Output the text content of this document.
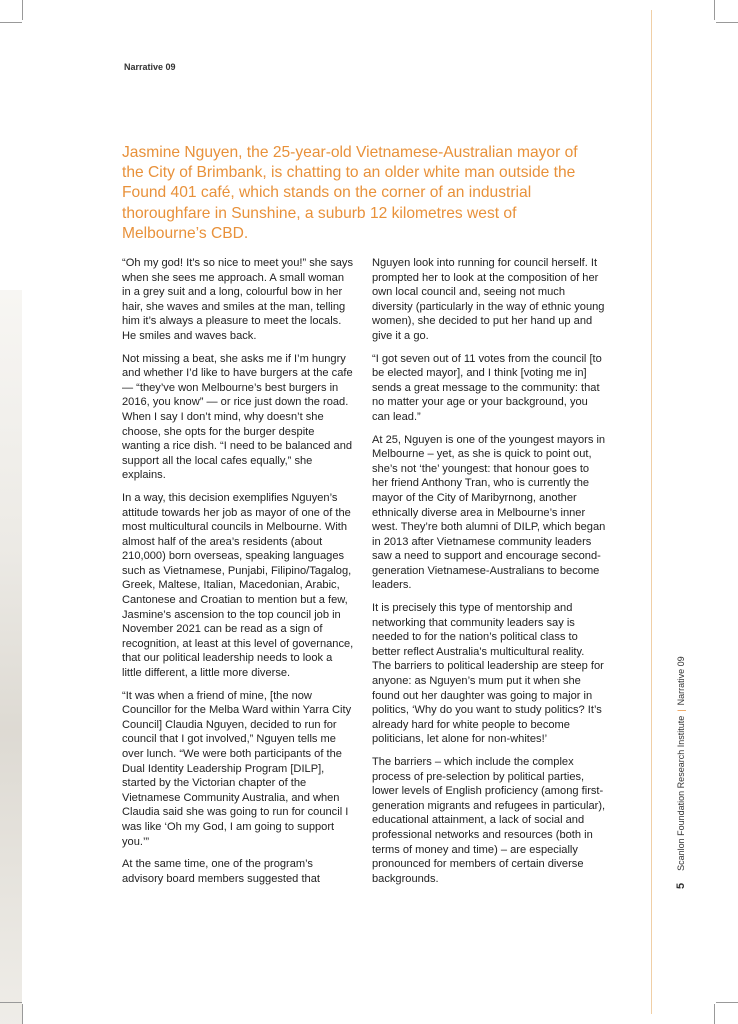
Narrative 09

Jasmine Nguyen, the 25-year-old Vietnamese-Australian mayor of the City of Brimbank, is chatting to an older white man outside the Found 401 café, which stands on the corner of an industrial thoroughfare in Sunshine, a suburb 12 kilometres west of Melbourne’s CBD.

“Oh my god! It’s so nice to meet you!” she says when she sees me approach. A small woman in a grey suit and a long, colourful bow in her hair, she waves and smiles at the man, telling him it’s always a pleasure to meet the locals. He smiles and waves back.

Not missing a beat, she asks me if I’m hungry and whether I’d like to have burgers at the cafe — “they’ve won Melbourne’s best burgers in 2016, you know” — or rice just down the road. When I say I don’t mind, why doesn’t she choose, she opts for the burger despite wanting a rice dish. “I need to be balanced and support all the local cafes equally,” she explains.

In a way, this decision exemplifies Nguyen’s attitude towards her job as mayor of one of the most multicultural councils in Melbourne. With almost half of the area’s residents (about 210,000) born overseas, speaking languages such as Vietnamese, Punjabi, Filipino/Tagalog, Greek, Maltese, Italian, Macedonian, Arabic, Cantonese and Croatian to mention but a few, Jasmine’s ascension to the top council job in November 2021 can be read as a sign of recognition, at least at this level of governance, that our political leadership needs to look a little different, a little more diverse.

“It was when a friend of mine, [the now Councillor for the Melba Ward within Yarra City Council] Claudia Nguyen, decided to run for council that I got involved,” Nguyen tells me over lunch. “We were both participants of the Dual Identity Leadership Program [DILP], started by the Victorian chapter of the Vietnamese Community Australia, and when Claudia said she was going to run for council I was like ‘Oh my God, I am going to support you.’”

At the same time, one of the program’s advisory board members suggested that

Nguyen look into running for council herself. It prompted her to look at the composition of her own local council and, seeing not much diversity (particularly in the way of ethnic young women), she decided to put her hand up and give it a go.

“I got seven out of 11 votes from the council [to be elected mayor], and I think [voting me in] sends a great message to the community: that no matter your age or your background, you can lead.”

At 25, Nguyen is one of the youngest mayors in Melbourne – yet, as she is quick to point out, she’s not ‘the’ youngest: that honour goes to her friend Anthony Tran, who is currently the mayor of the City of Maribyrnong, another ethnically diverse area in Melbourne’s inner west. They’re both alumni of DILP, which began in 2013 after Vietnamese community leaders saw a need to support and encourage second-generation Vietnamese-Australians to become leaders.

It is precisely this type of mentorship and networking that community leaders say is needed to for the nation’s political class to better reflect Australia’s multicultural reality. The barriers to political leadership are steep for anyone: as Nguyen’s mum put it when she found out her daughter was going to major in politics, ‘Why do you want to study politics? It’s already hard for white people to become politicians, let alone for non-whites!’

The barriers – which include the complex process of pre-selection by political parties, lower levels of English proficiency (among first-generation migrants and refugees in particular), educational attainment, a lack of social and professional networks and resources (both in terms of money and time) – are especially pronounced for members of certain diverse backgrounds.

5Scanlon Foundation Research Institute|Narrative 09
